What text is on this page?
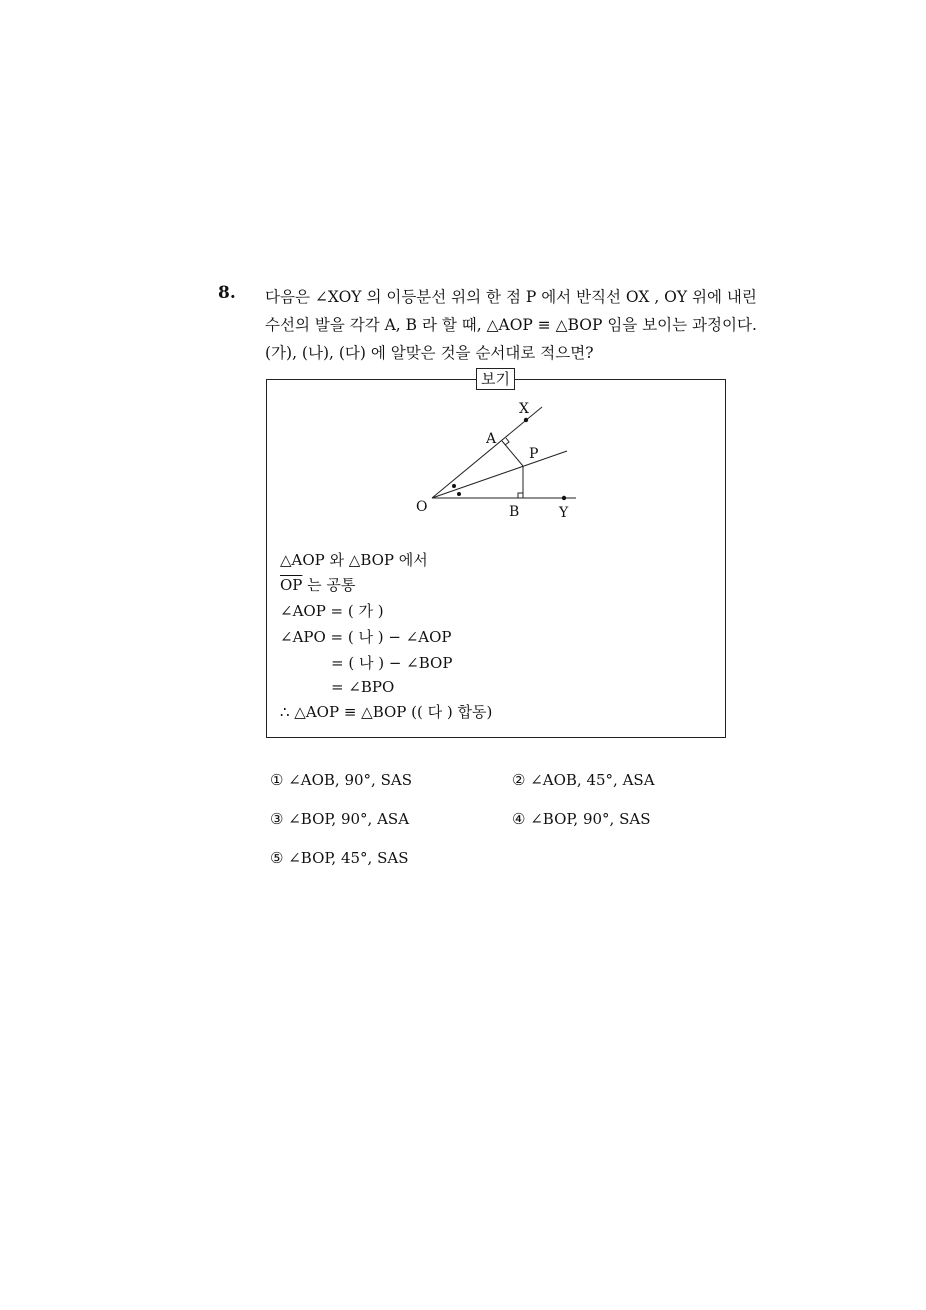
8. 다음은 ∠XOY 의 이등분선 위의 한 점 P 에서 반직선 OX , OY 위에 내린
수선의 발을 각각 A, B 라 할 때, △AOP ≡ △BOP 임을 보이는 과정이다.
(가), (나), (다) 에 알맞은 것을 순서대로 적으면?
보기
X
A
P
O	B	Y
△AOP 와 △BOP 에서
$\overline{OP}$ 는 공통
∠AOP = ( 가 )
∠APO = ( 나 ) − ∠AOP
= ( 나 ) − ∠BOP
= ∠BPO
∴ △AOP ≡ △BOP (( 다 ) 합동)
① ∠AOB, 90°, SAS	② ∠AOB, 45°, ASA
③ ∠BOP, 90°, ASA	④ ∠BOP, 90°, SAS
⑤ ∠BOP, 45°, SAS
